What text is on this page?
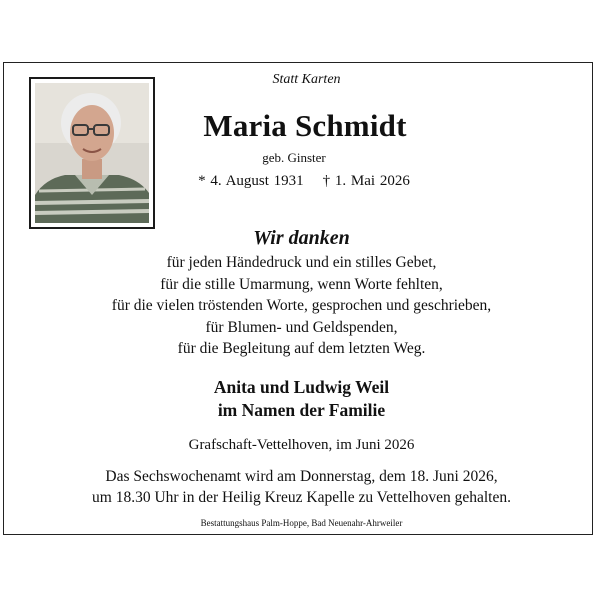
Statt Karten
Maria Schmidt
geb. Ginster
* 4. August 1931 † 1. Mai 2026
Wir danken
für jeden Händedruck und ein stilles Gebet,
für die stille Umarmung, wenn Worte fehlten,
für die vielen tröstenden Worte, gesprochen und geschrieben,
für Blumen- und Geldspenden,
für die Begleitung auf dem letzten Weg.
Anita und Ludwig Weil
im Namen der Familie
Grafschaft-Vettelhoven, im Juni 2026
Das Sechswochenamt wird am Donnerstag, dem 18. Juni 2026,
um 18.30 Uhr in der Heilig Kreuz Kapelle zu Vettelhoven gehalten.
Bestattungshaus Palm-Hoppe, Bad Neuenahr-Ahrweiler
